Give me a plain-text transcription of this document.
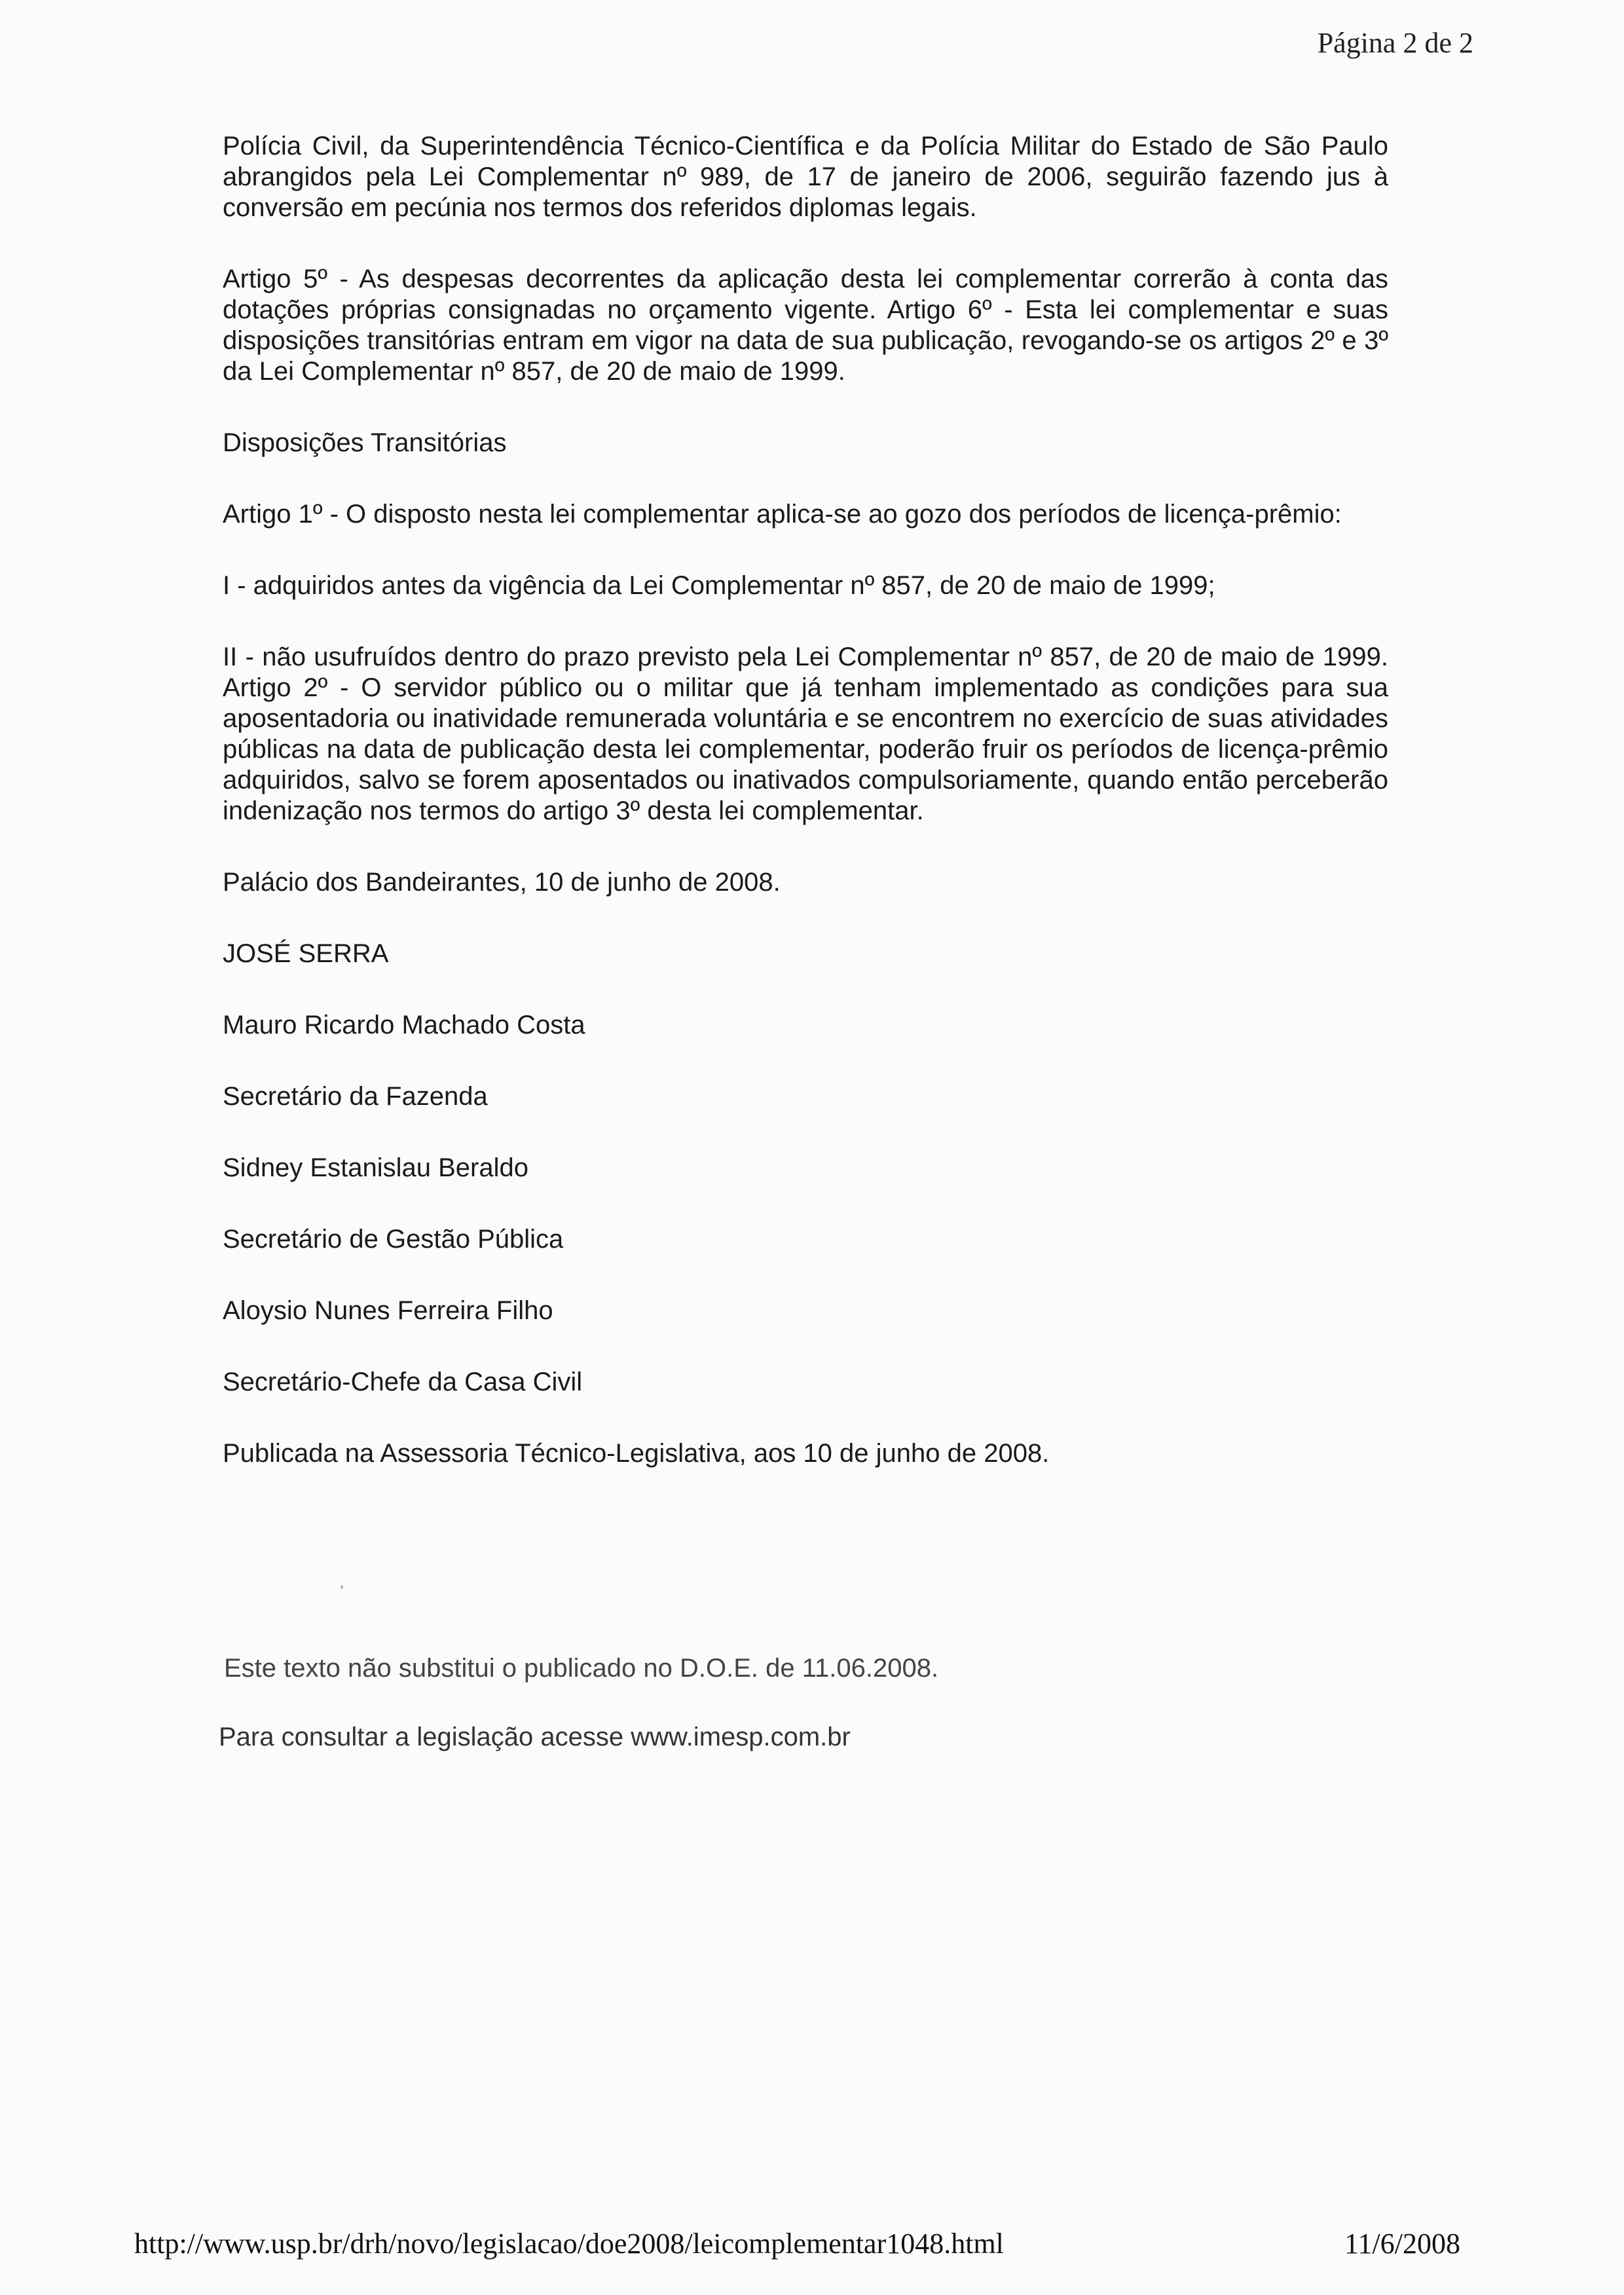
Página 2 de 2

Polícia Civil, da Superintendência Técnico-Científica e da Polícia Militar do Estado de São Paulo abrangidos pela Lei Complementar nº 989, de 17 de janeiro de 2006, seguirão fazendo jus à conversão em pecúnia nos termos dos referidos diplomas legais.

Artigo 5º - As despesas decorrentes da aplicação desta lei complementar correrão à conta das dotações próprias consignadas no orçamento vigente. Artigo 6º - Esta lei complementar e suas disposições transitórias entram em vigor na data de sua publicação, revogando-se os artigos 2º e 3º da Lei Complementar nº 857, de 20 de maio de 1999.

Disposições Transitórias

Artigo 1º - O disposto nesta lei complementar aplica-se ao gozo dos períodos de licença-prêmio:

I - adquiridos antes da vigência da Lei Complementar nº 857, de 20 de maio de 1999;

II - não usufruídos dentro do prazo previsto pela Lei Complementar nº 857, de 20 de maio de 1999. Artigo 2º - O servidor público ou o militar que já tenham implementado as condições para sua aposentadoria ou inatividade remunerada voluntária e se encontrem no exercício de suas atividades públicas na data de publicação desta lei complementar, poderão fruir os períodos de licença-prêmio adquiridos, salvo se forem aposentados ou inativados compulsoriamente, quando então perceberão indenização nos termos do artigo 3º desta lei complementar.

Palácio dos Bandeirantes, 10 de junho de 2008.

JOSÉ SERRA

Mauro Ricardo Machado Costa

Secretário da Fazenda

Sidney Estanislau Beraldo

Secretário de Gestão Pública

Aloysio Nunes Ferreira Filho

Secretário-Chefe da Casa Civil

Publicada na Assessoria Técnico-Legislativa, aos 10 de junho de 2008.

Este texto não substitui o publicado no D.O.E. de 11.06.2008.
Para consultar a legislação acesse www.imesp.com.br
http://www.usp.br/drh/novo/legislacao/doe2008/leicomplementar1048.html	11/6/2008
